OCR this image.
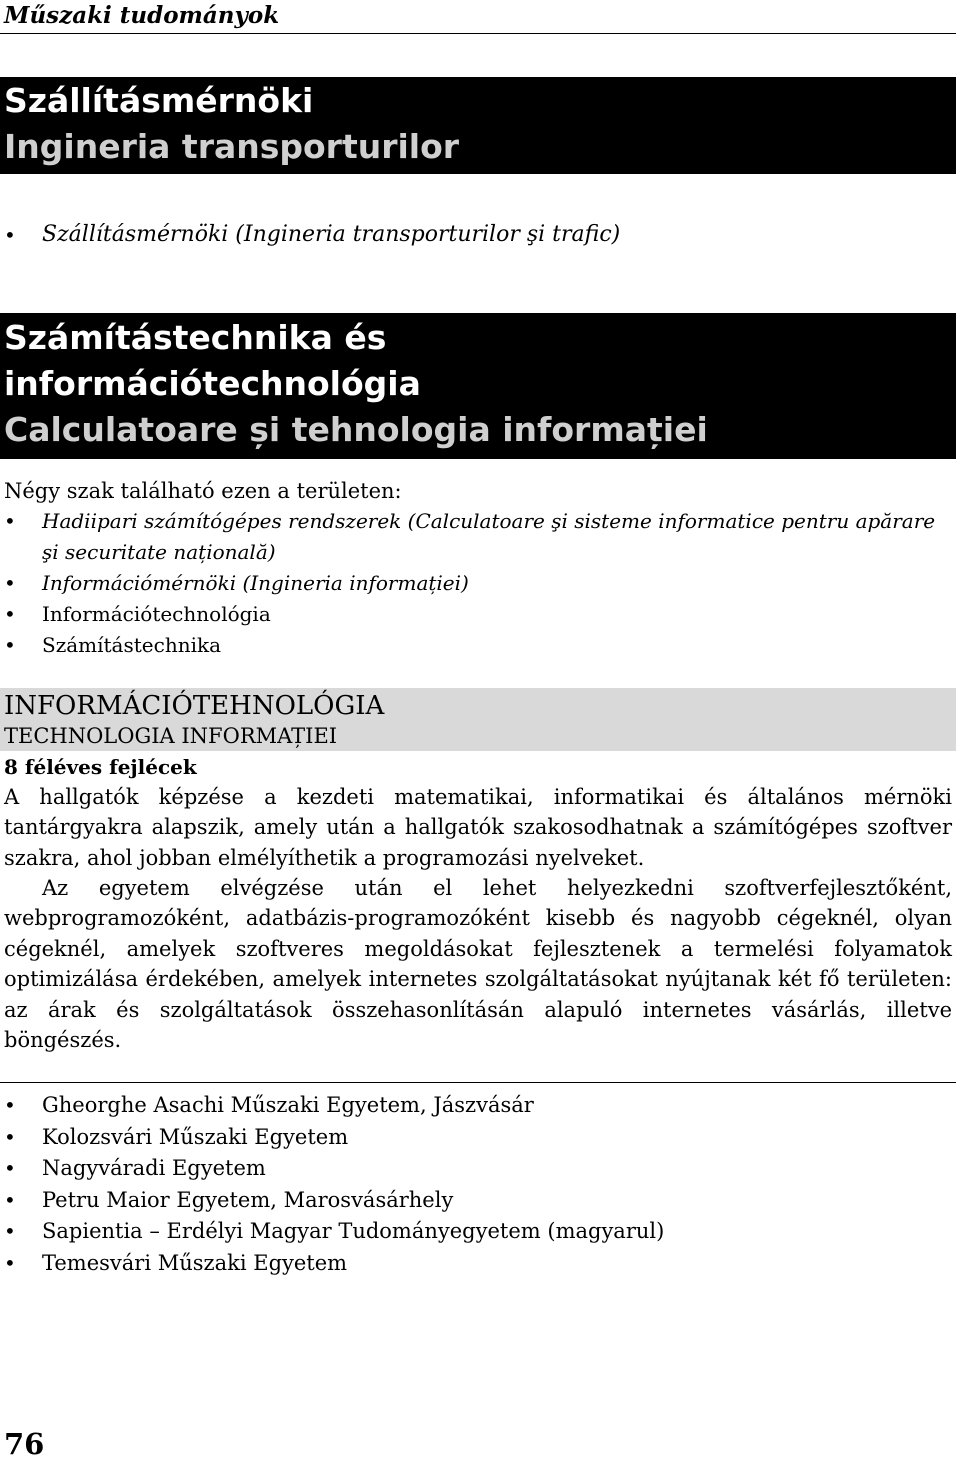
Műszaki tudományok
Szállításmérnöki
Ingineria transporturilor
• Szállításmérnöki (Ingineria transporturilor şi trafic)
Számítástechnika és
információtechnológia
Calculatoare și tehnologia informației
Négy szak található ezen a területen:
• Hadiipari számítógépes rendszerek (Calculatoare şi sisteme informatice pentru apărare şi securitate națională)
• Információmérnöki (Ingineria informației)
• Információtechnológia
• Számítástechnika
INFORMÁCIÓTEHNOLÓGIA
TECHNOLOGIA INFORMAȚIEI
8 féléves fejlécek
A hallgatók képzése a kezdeti matematikai, informatikai és általános mérnöki tantárgyakra alapszik, amely után a hallgatók szakosodhatnak a számítógépes szoftver szakra, ahol jobban elmélyíthetik a programozási nyelveket.
Az egyetem elvégzése után el lehet helyezkedni szoftverfejlesztőként, webprogramozóként, adatbázis-programozóként kisebb és nagyobb cégeknél, olyan cégeknél, amelyek szoftveres megoldásokat fejlesztenek a termelési folyamatok optimizálása érdekében, amelyek internetes szolgáltatásokat nyújtanak két fő területen: az árak és szolgáltatások összehasonlításán alapuló internetes vásárlás, illetve böngészés.
• Gheorghe Asachi Műszaki Egyetem, Jászvásár
• Kolozsvári Műszaki Egyetem
• Nagyváradi Egyetem
• Petru Maior Egyetem, Marosvásárhely
• Sapientia – Erdélyi Magyar Tudományegyetem (magyarul)
• Temesvári Műszaki Egyetem
76
